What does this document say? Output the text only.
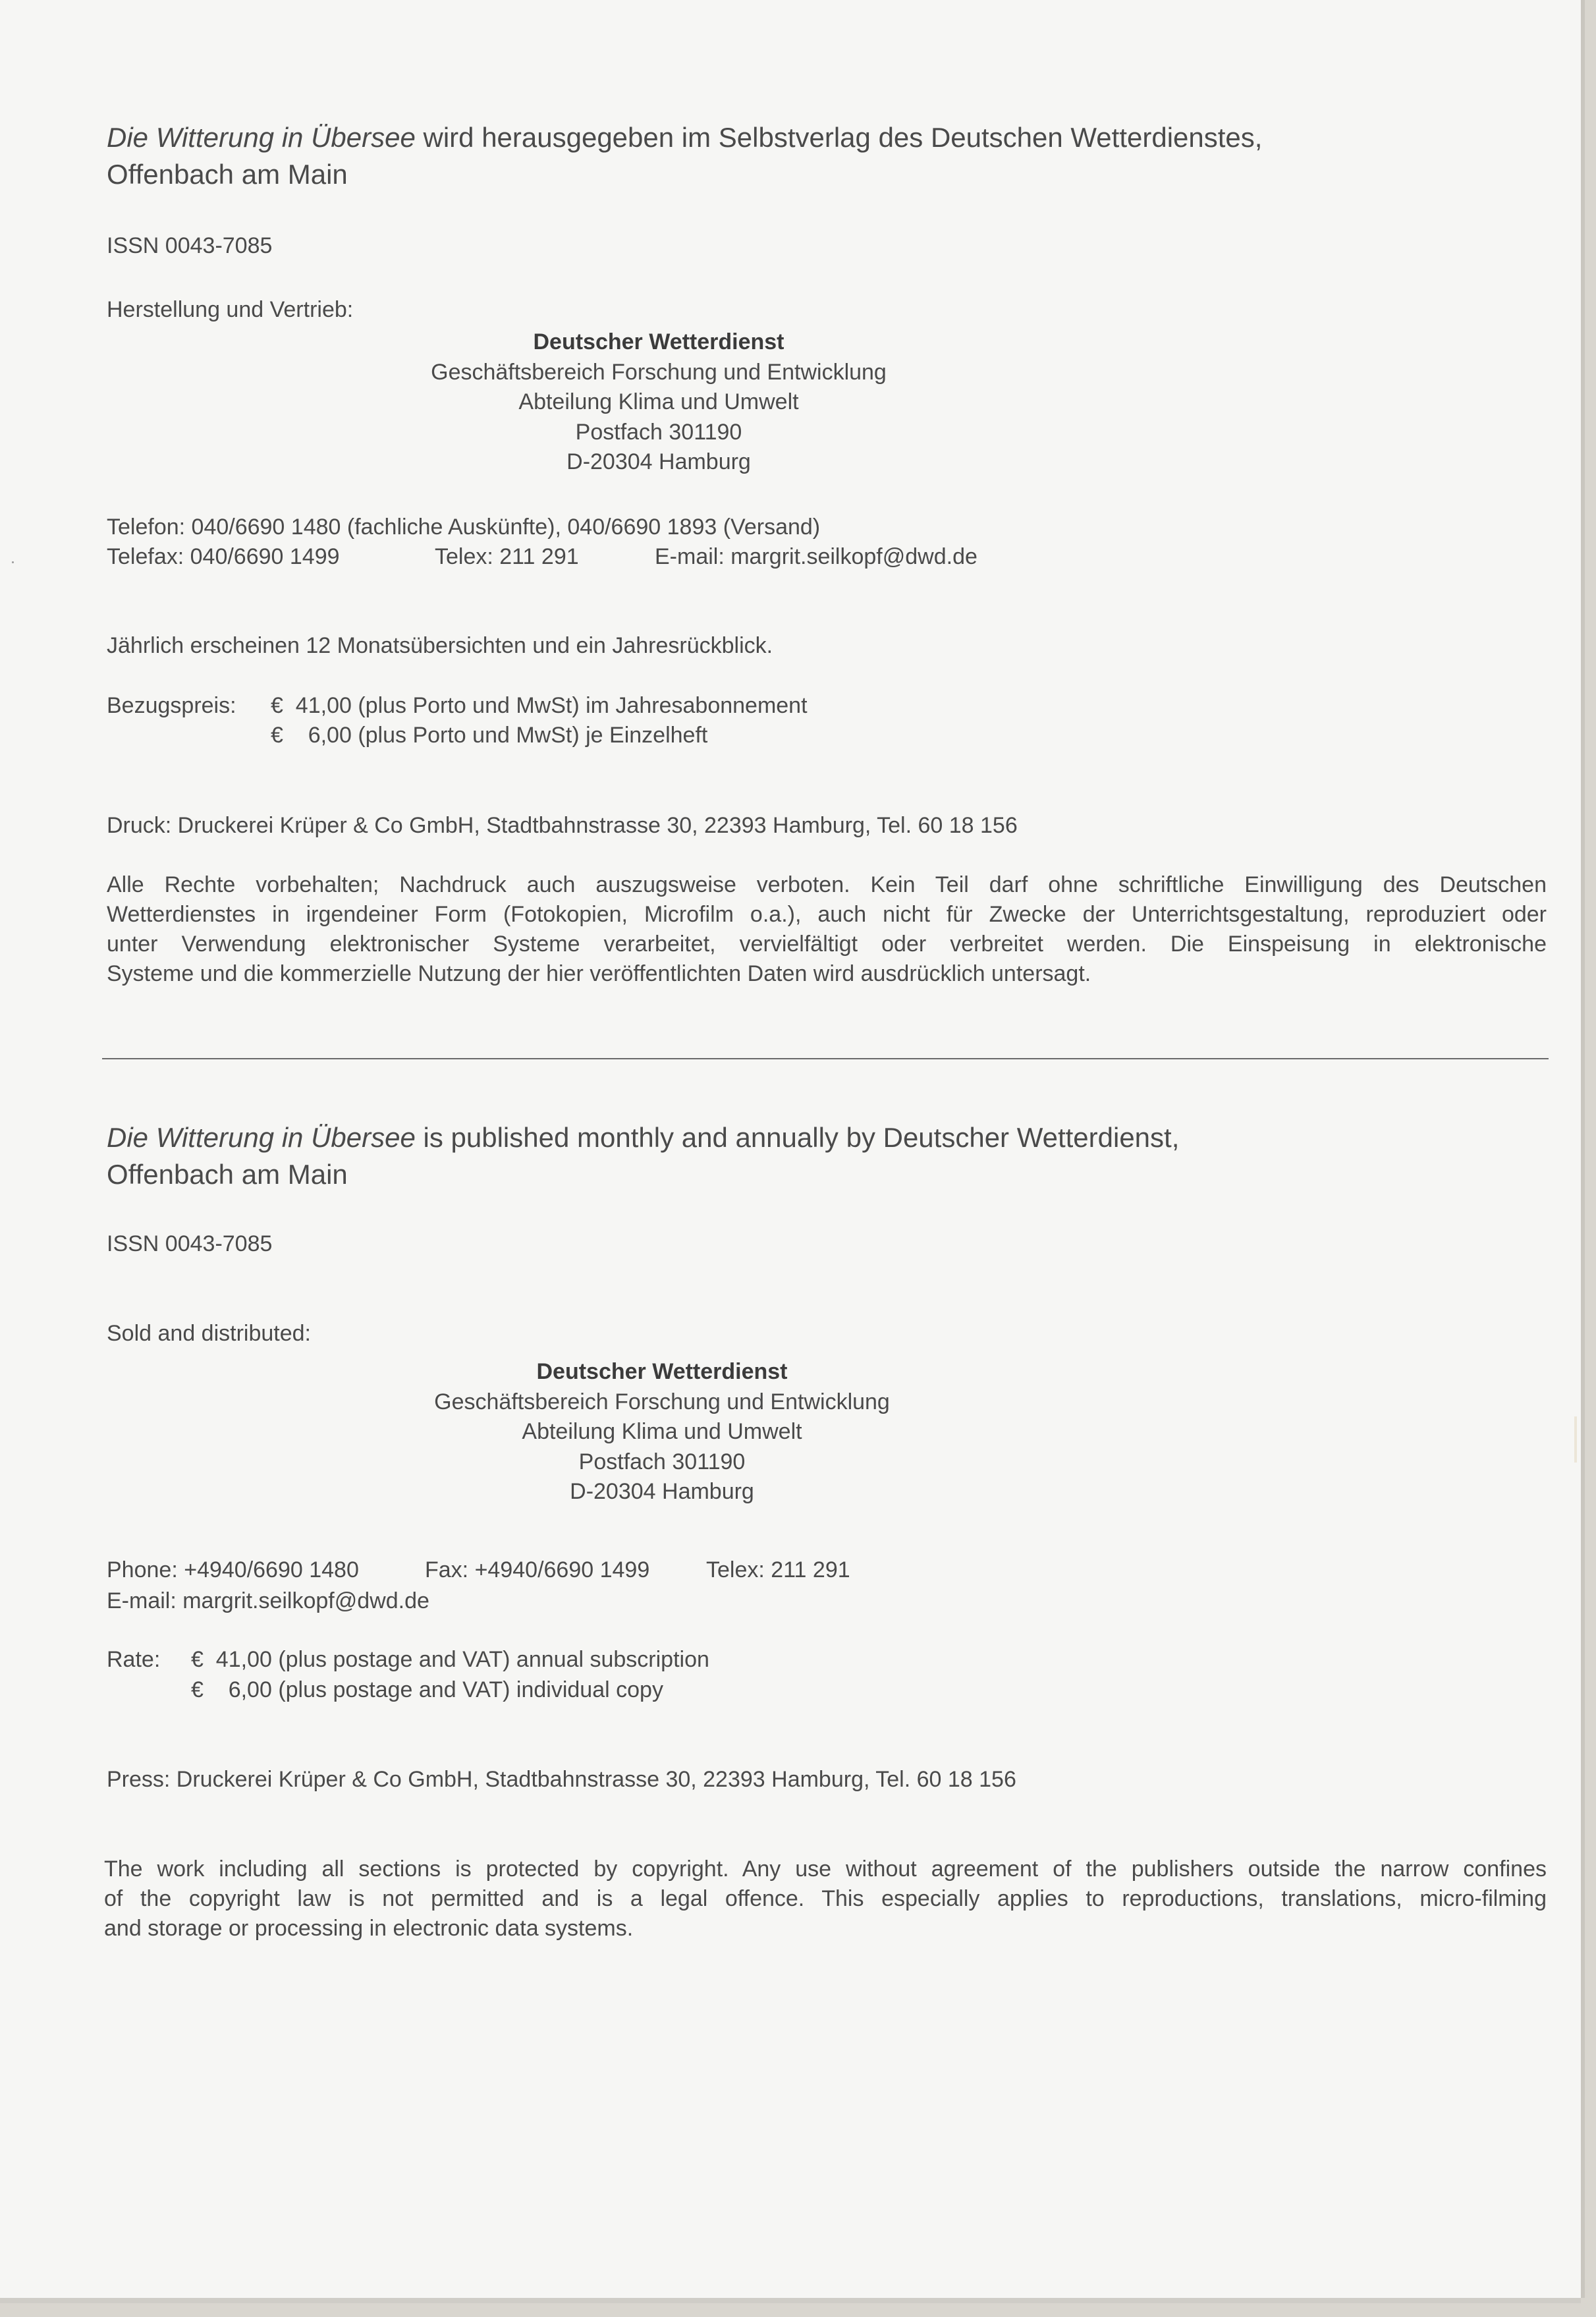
Die Witterung in Übersee wird herausgegeben im Selbstverlag des Deutschen Wetterdienstes,
Offenbach am Main
ISSN 0043-7085
Herstellung und Vertrieb:
Deutscher Wetterdienst
Geschäftsbereich Forschung und Entwicklung
Abteilung Klima und Umwelt
Postfach 301190
D-20304 Hamburg
Telefon: 040/6690 1480 (fachliche Auskünfte), 040/6690 1893 (Versand)
Telefax: 040/6690 1499	Telex: 211 291	E-mail: margrit.seilkopf@dwd.de
Jährlich erscheinen 12 Monatsübersichten und ein Jahresrückblick.
Bezugspreis: €  41,00 (plus Porto und MwSt) im Jahresabonnement
€    6,00 (plus Porto und MwSt) je Einzelheft
Druck: Druckerei Krüper & Co GmbH, Stadtbahnstrasse 30, 22393 Hamburg, Tel. 60 18 156
Alle Rechte vorbehalten; Nachdruck auch auszugsweise verboten. Kein Teil darf ohne schriftliche Einwilligung des Deutschen
Wetterdienstes in irgendeiner Form (Fotokopien, Microfilm o.a.), auch nicht für Zwecke der Unterrichtsgestaltung, reproduziert oder
unter Verwendung elektronischer Systeme verarbeitet, vervielfältigt oder verbreitet werden. Die Einspeisung in elektronische
Systeme und die kommerzielle Nutzung der hier veröffentlichten Daten wird ausdrücklich untersagt.
Die Witterung in Übersee is published monthly and annually by Deutscher Wetterdienst,
Offenbach am Main
ISSN 0043-7085
Sold and distributed:
Deutscher Wetterdienst
Geschäftsbereich Forschung und Entwicklung
Abteilung Klima und Umwelt
Postfach 301190
D-20304 Hamburg
Phone: +4940/6690 1480	Fax: +4940/6690 1499	Telex: 211 291
E-mail: margrit.seilkopf@dwd.de
Rate: €  41,00 (plus postage and VAT) annual subscription
€    6,00 (plus postage and VAT) individual copy
Press: Druckerei Krüper & Co GmbH, Stadtbahnstrasse 30, 22393 Hamburg, Tel. 60 18 156
The work including all sections is protected by copyright. Any use without agreement of the publishers outside the narrow confines
of the copyright law is not permitted and is a legal offence. This especially applies to reproductions, translations, micro-filming
and storage or processing in electronic data systems.
